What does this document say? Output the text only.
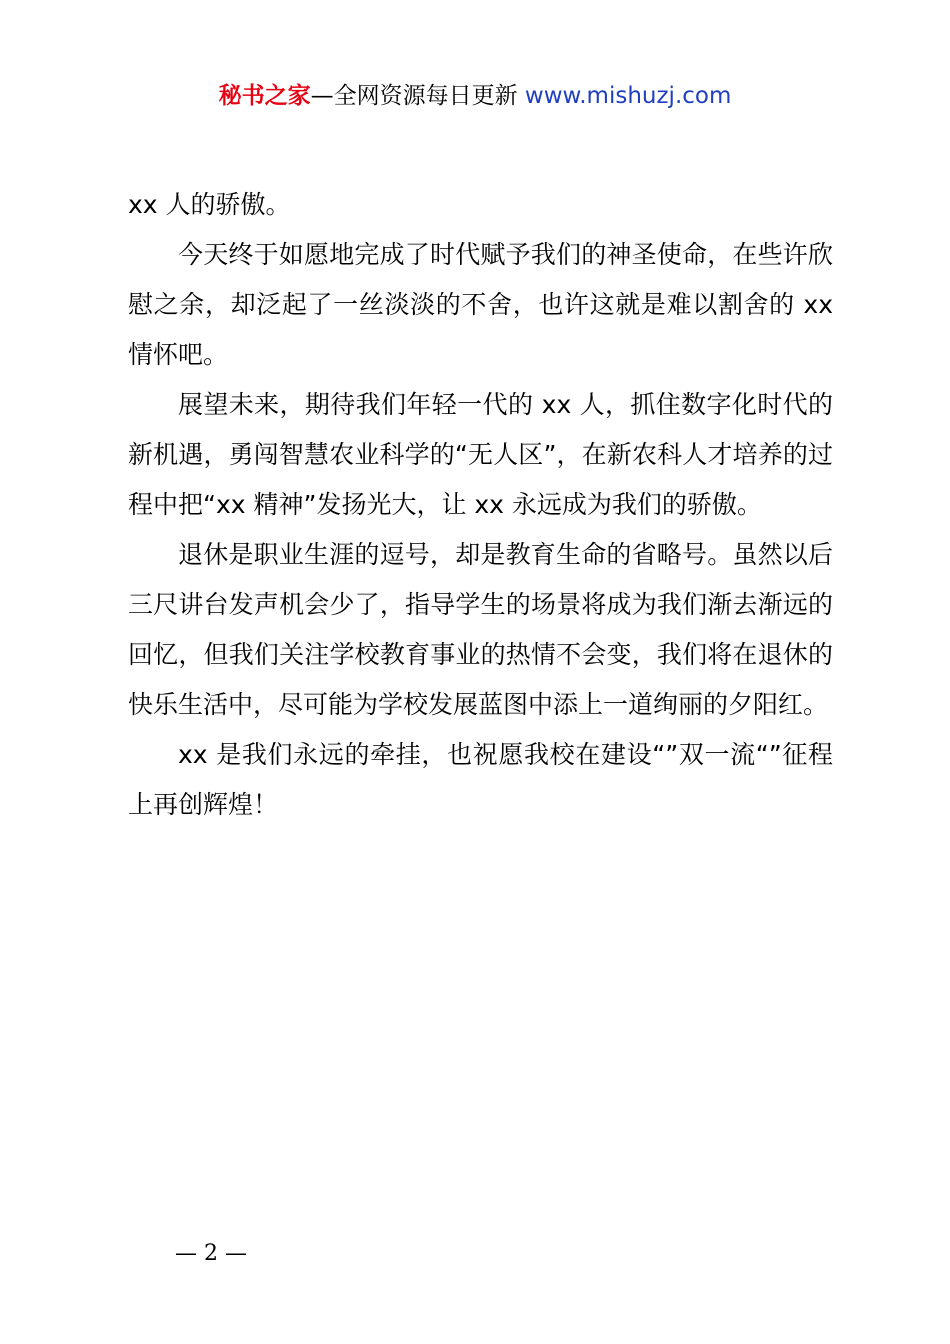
秘书之家—全网资源每日更新 www.mishuzj.com

xx 人的骄傲。

今天终于如愿地完成了时代赋予我们的神圣使命，在些许欣慰之余，却泛起了一丝淡淡的不舍，也许这就是难以割舍的 xx 情怀吧。

展望未来，期待我们年轻一代的 xx 人，抓住数字化时代的新机遇，勇闯智慧农业科学的“无人区”，在新农科人才培养的过程中把“xx 精神”发扬光大，让 xx 永远成为我们的骄傲。

退休是职业生涯的逗号，却是教育生命的省略号。虽然以后三尺讲台发声机会少了，指导学生的场景将成为我们渐去渐远的回忆，但我们关注学校教育事业的热情不会变，我们将在退休的快乐生活中，尽可能为学校发展蓝图中添上一道绚丽的夕阳红。

xx 是我们永远的牵挂，也祝愿我校在建设“”双一流“”征程上再创辉煌！

— 2 —
